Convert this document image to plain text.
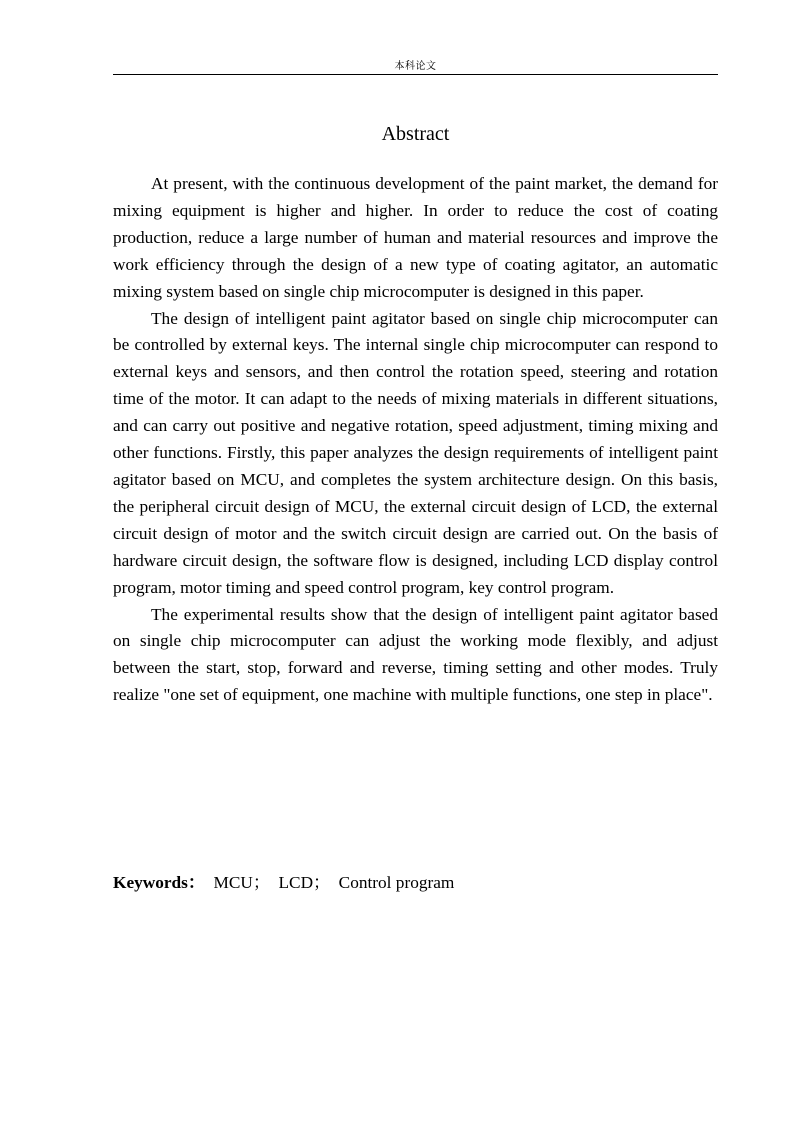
本科论文
Abstract

At present, with the continuous development of the paint market, the demand for mixing equipment is higher and higher. In order to reduce the cost of coating production, reduce a large number of human and material resources and improve the work efficiency through the design of a new type of coating agitator, an automatic mixing system based on single chip microcomputer is designed in this paper.

The design of intelligent paint agitator based on single chip microcomputer can be controlled by external keys. The internal single chip microcomputer can respond to external keys and sensors, and then control the rotation speed, steering and rotation time of the motor. It can adapt to the needs of mixing materials in different situations, and can carry out positive and negative rotation, speed adjustment, timing mixing and other functions. Firstly, this paper analyzes the design requirements of intelligent paint agitator based on MCU, and completes the system architecture design. On this basis, the peripheral circuit design of MCU, the external circuit design of LCD, the external circuit design of motor and the switch circuit design are carried out. On the basis of hardware circuit design, the software flow is designed, including LCD display control program, motor timing and speed control program, key control program.

The experimental results show that the design of intelligent paint agitator based on single chip microcomputer can adjust the working mode flexibly, and adjust between the start, stop, forward and reverse, timing setting and other modes. Truly realize "one set of equipment, one machine with multiple functions, one step in place".

Keywords： MCU； LCD； Control program
